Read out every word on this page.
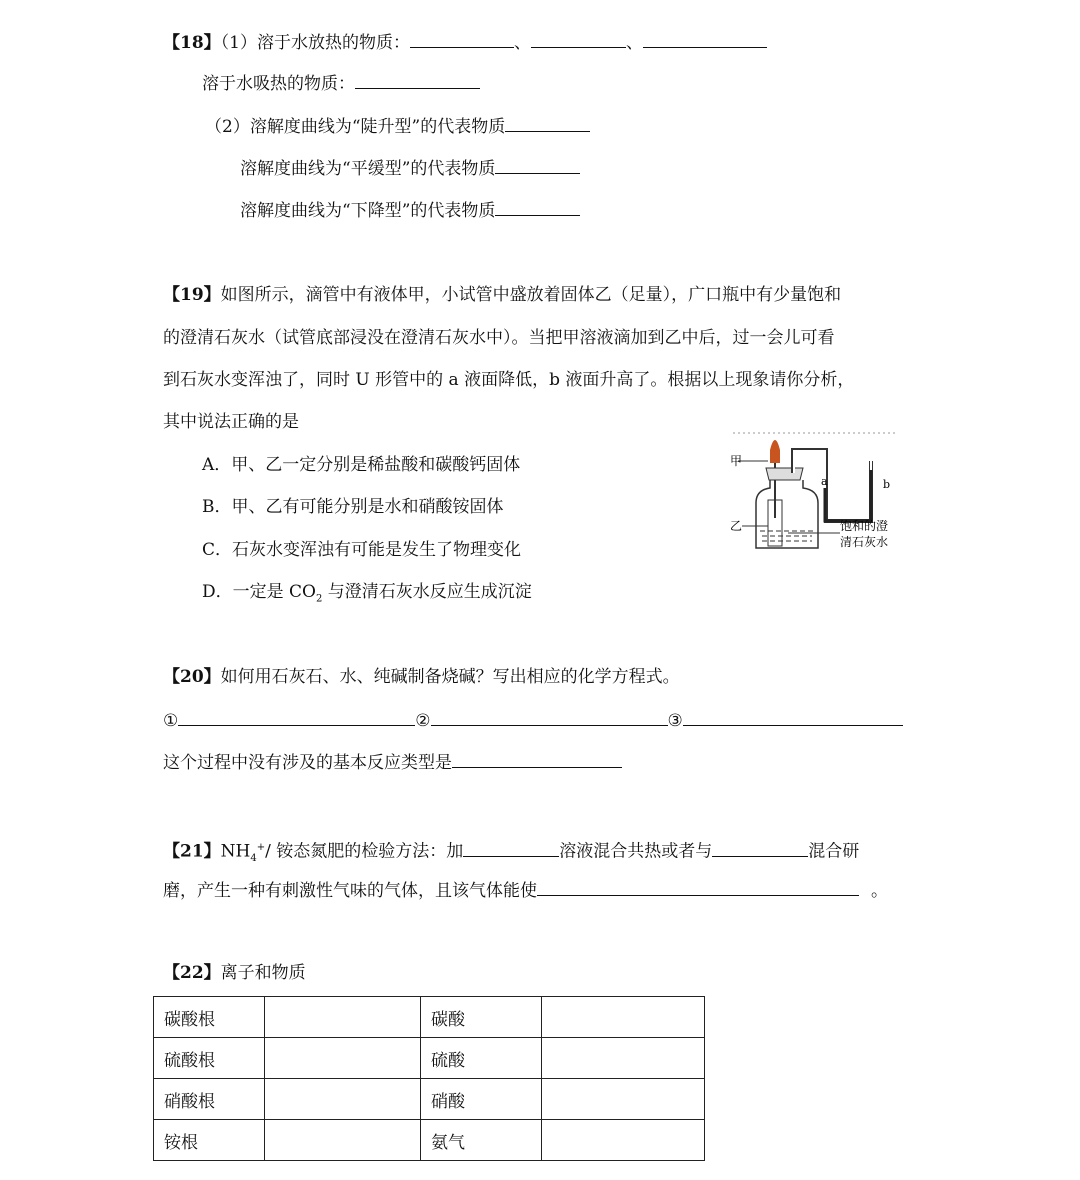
【18】（1）溶于水放热的物质：	、	、
溶于水吸热的物质：
（2）溶解度曲线为“陡升型”的代表物质
溶解度曲线为“平缓型”的代表物质
溶解度曲线为“下降型”的代表物质
【19】如图所示，滴管中有液体甲，小试管中盛放着固体乙（足量），广口瓶中有少量饱和
的澄清石灰水（试管底部浸没在澄清石灰水中）。当把甲溶液滴加到乙中后，过一会儿可看
到石灰水变浑浊了，同时 U 形管中的 a 液面降低，b 液面升高了。根据以上现象请你分析，
其中说法正确的是
A．甲、乙一定分别是稀盐酸和碳酸钙固体
B．甲、乙有可能分别是水和硝酸铵固体
C．石灰水变浑浊有可能是发生了物理变化
D．一定是 $CO_2$ 与澄清石灰水反应生成沉淀
甲
乙
a	b
饱和的澄
清石灰水
【20】如何用石灰石、水、纯碱制备烧碱？写出相应的化学方程式。
①	②	③
这个过程中没有涉及的基本反应类型是
【21】$NH_4^+/$ 铵态氮肥的检验方法：加	溶液混合共热或者与	混合研
磨，产生一种有刺激性气味的气体，且该气体能使	。
【22】离子和物质
碳酸根		碳酸	
硫酸根		硫酸	
硝酸根		硝酸	
铵根		氨气	
